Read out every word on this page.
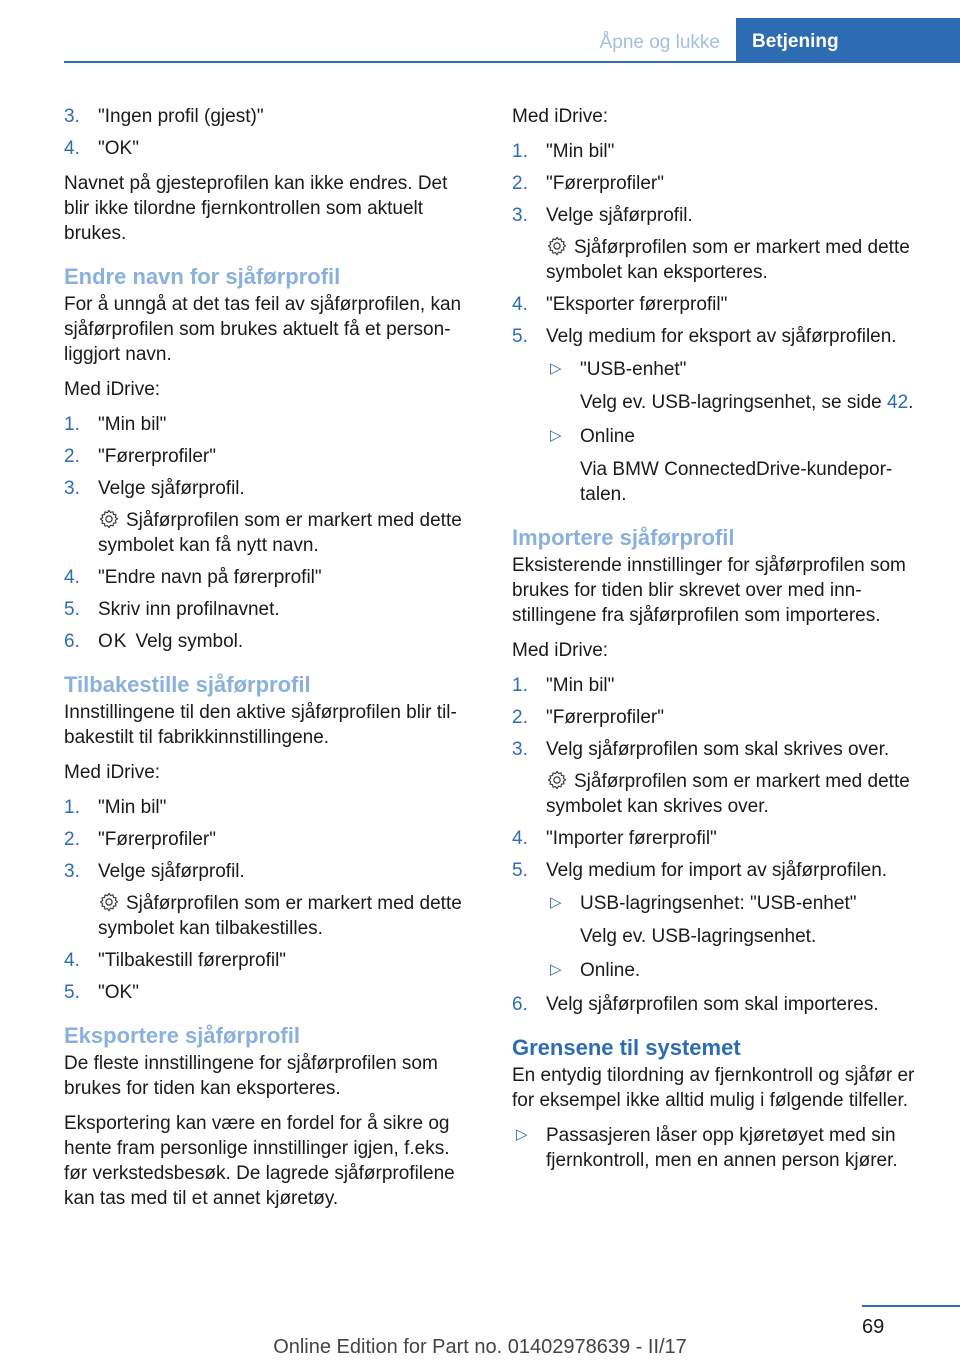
Åpne og lukke	Betjening
3. "Ingen profil (gjest)"
4. "OK"

Navnet på gjesteprofilen kan ikke endres. Det blir ikke tilordne fjernkontrollen som aktuelt brukes.

Endre navn for sjåførprofil

For å unngå at det tas feil av sjåførprofilen, kan sjåførprofilen som brukes aktuelt få et personliggjort navn.

Med iDrive:

1. "Min bil"
2. "Førerprofiler"
3. Velge sjåførprofil.
Sjåførprofilen som er markert med dette symbolet kan få nytt navn.
4. "Endre navn på førerprofil"
5. Skriv inn profilnavnet.
6. OK Velg symbol.
Tilbakestille sjåførprofil

Innstillingene til den aktive sjåførprofilen blir tilbakestilt til fabrikkinnstillingene.

Med iDrive:

1. "Min bil"
2. "Førerprofiler"
3. Velge sjåførprofil.
Sjåførprofilen som er markert med dette symbolet kan tilbakestilles.
4. "Tilbakestill førerprofil"
5. "OK"
Eksportere sjåførprofil

De fleste innstillingene for sjåførprofilen som brukes for tiden kan eksporteres.

Eksportering kan være en fordel for å sikre og hente fram personlige innstillinger igjen, f.eks. før verkstedsbesøk. De lagrede sjåførprofilene kan tas med til et annet kjøretøy.

Med iDrive:

1. "Min bil"
2. "Førerprofiler"
3. Velge sjåførprofil.
Sjåførprofilen som er markert med dette symbolet kan eksporteres.
4. "Eksporter førerprofil"
5. Velg medium for eksport av sjåførprofilen.
▷ "USB-enhet"
Velg ev. USB-lagringsenhet, se side 42.
▷ Online
Via BMW ConnectedDrive-kundeportalen.
Importere sjåførprofil

Eksisterende innstillinger for sjåførprofilen som brukes for tiden blir skrevet over med innstillingene fra sjåførprofilen som importeres.

Med iDrive:

1. "Min bil"
2. "Førerprofiler"
3. Velg sjåførprofilen som skal skrives over.
Sjåførprofilen som er markert med dette symbolet kan skrives over.
4. "Importer førerprofil"
5. Velg medium for import av sjåførprofilen.
▷ USB-lagringsenhet: "USB-enhet"
Velg ev. USB-lagringsenhet.
▷ Online.
6. Velg sjåførprofilen som skal importeres.
Grensene til systemet

En entydig tilordning av fjernkontroll og sjåfør er for eksempel ikke alltid mulig i følgende tilfeller.

▷ Passasjeren låser opp kjøretøyet med sin fjernkontroll, men en annen person kjører.
69
Online Edition for Part no. 01402978639 - II/17
